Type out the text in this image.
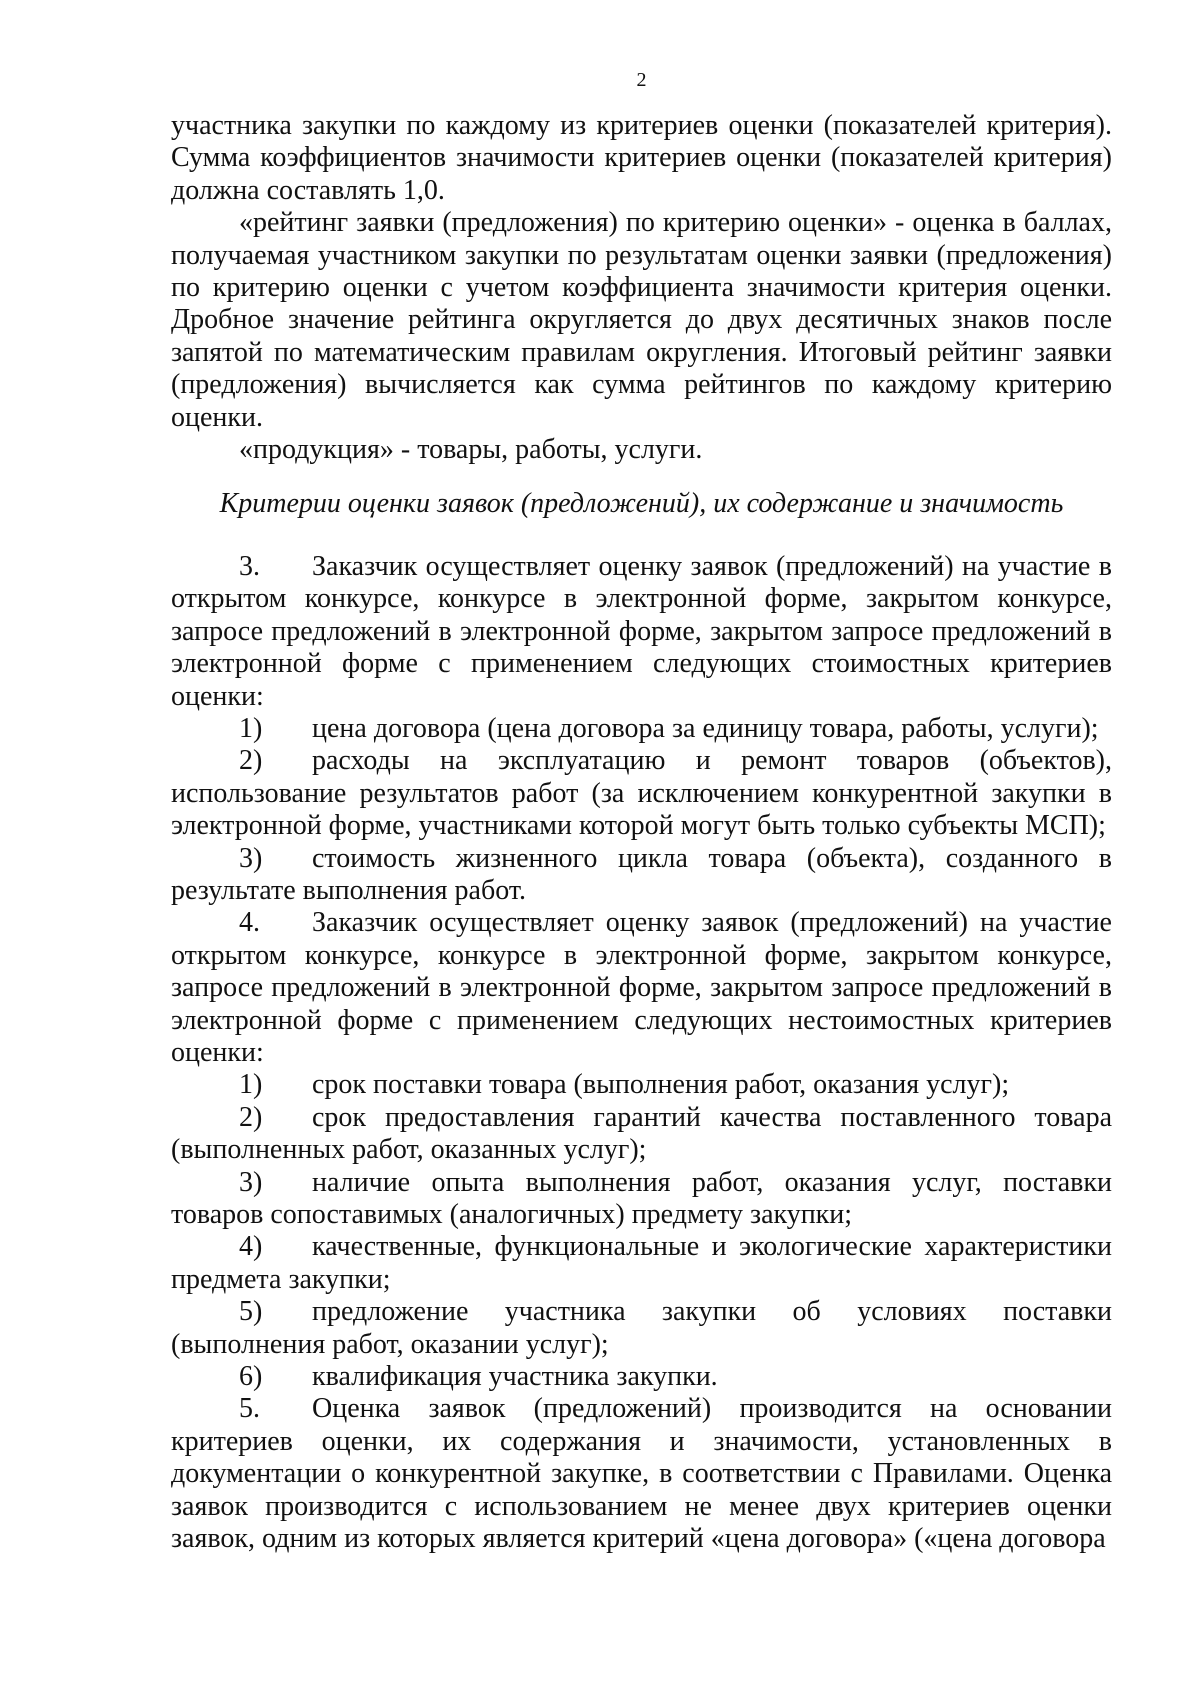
2

участника закупки по каждому из критериев оценки (показателей критерия). Сумма коэффициентов значимости критериев оценки (показателей критерия) должна составлять 1,0.

«рейтинг заявки (предложения) по критерию оценки» - оценка в баллах, получаемая участником закупки по результатам оценки заявки (предложения) по критерию оценки с учетом коэффициента значимости критерия оценки. Дробное значение рейтинга округляется до двух десятичных знаков после запятой по математическим правилам округления. Итоговый рейтинг заявки (предложения) вычисляется как сумма рейтингов по каждому критерию оценки.

«продукция» - товары, работы, услуги.

Критерии оценки заявок (предложений), их содержание и значимость

3. Заказчик осуществляет оценку заявок (предложений) на участие в открытом конкурсе, конкурсе в электронной форме, закрытом конкурсе, запросе предложений в электронной форме, закрытом запросе предложений в электронной форме с применением следующих стоимостных критериев оценки:

1) цена договора (цена договора за единицу товара, работы, услуги);

2) расходы на эксплуатацию и ремонт товаров (объектов), использование результатов работ (за исключением конкурентной закупки в электронной форме, участниками которой могут быть только субъекты МСП);

3) стоимость жизненного цикла товара (объекта), созданного в результате выполнения работ.

4. Заказчик осуществляет оценку заявок (предложений) на участие открытом конкурсе, конкурсе в электронной форме, закрытом конкурсе, запросе предложений в электронной форме, закрытом запросе предложений в электронной форме с применением следующих нестоимостных критериев оценки:

1) срок поставки товара (выполнения работ, оказания услуг);

2) срок предоставления гарантий качества поставленного товара (выполненных работ, оказанных услуг);

3) наличие опыта выполнения работ, оказания услуг, поставки товаров сопоставимых (аналогичных) предмету закупки;

4) качественные, функциональные и экологические характеристики предмета закупки;

5) предложение участника закупки об условиях поставки (выполнения работ, оказании услуг);

6) квалификация участника закупки.

5. Оценка заявок (предложений) производится на основании критериев оценки, их содержания и значимости, установленных в документации о конкурентной закупке, в соответствии с Правилами. Оценка заявок производится с использованием не менее двух критериев оценки заявок, одним из которых является критерий «цена договора» («цена договора
